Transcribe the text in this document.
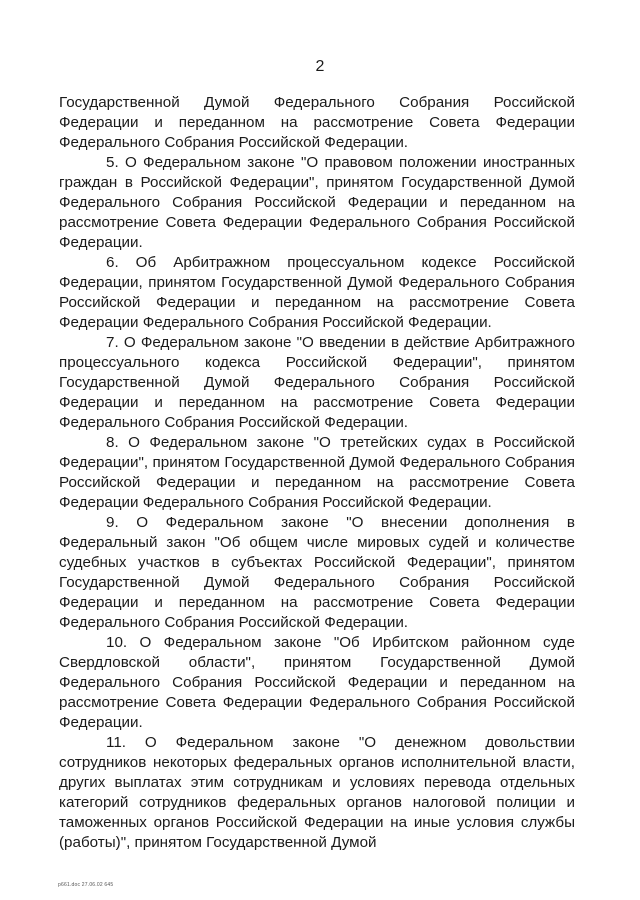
2

Государственной Думой Федерального Собрания Российской Федерации и переданном на рассмотрение Совета Федерации Федерального Собрания Российской Федерации.

5. О Федеральном законе "О правовом положении иностранных граждан в Российской Федерации", принятом Государственной Думой Федерального Собрания Российской Федерации и переданном на рассмотрение Совета Федерации Федерального Собрания Российской Федерации.

6. Об Арбитражном процессуальном кодексе Российской Федерации, принятом Государственной Думой Федерального Собрания Российской Федерации и переданном на рассмотрение Совета Федерации Федерального Собрания Российской Федерации.

7. О Федеральном законе "О введении в действие Арбитражного процессуального кодекса Российской Федерации", принятом Государственной Думой Федерального Собрания Российской Федерации и переданном на рассмотрение Совета Федерации Федерального Собрания Российской Федерации.

8. О Федеральном законе "О третейских судах в Российской Федерации", принятом Государственной Думой Федерального Собрания Российской Федерации и переданном на рассмотрение Совета Федерации Федерального Собрания Российской Федерации.

9. О Федеральном законе "О внесении дополнения в Федеральный закон "Об общем числе мировых судей и количестве судебных участков в субъектах Российской Федерации", принятом Государственной Думой Федерального Собрания Российской Федерации и переданном на рассмотрение Совета Федерации Федерального Собрания Российской Федерации.

10. О Федеральном законе "Об Ирбитском районном суде Свердловской области", принятом Государственной Думой Федерального Собрания Российской Федерации и переданном на рассмотрение Совета Федерации Федерального Собрания Российской Федерации.

11. О Федеральном законе "О денежном довольствии сотрудников некоторых федеральных органов исполнительной власти, других выплатах этим сотрудникам и условиях перевода отдельных категорий сотрудников федеральных органов налоговой полиции и таможенных органов Российской Федерации на иные условия службы (работы)", принятом Государственной Думой

p661.doc 27.06.02 645
